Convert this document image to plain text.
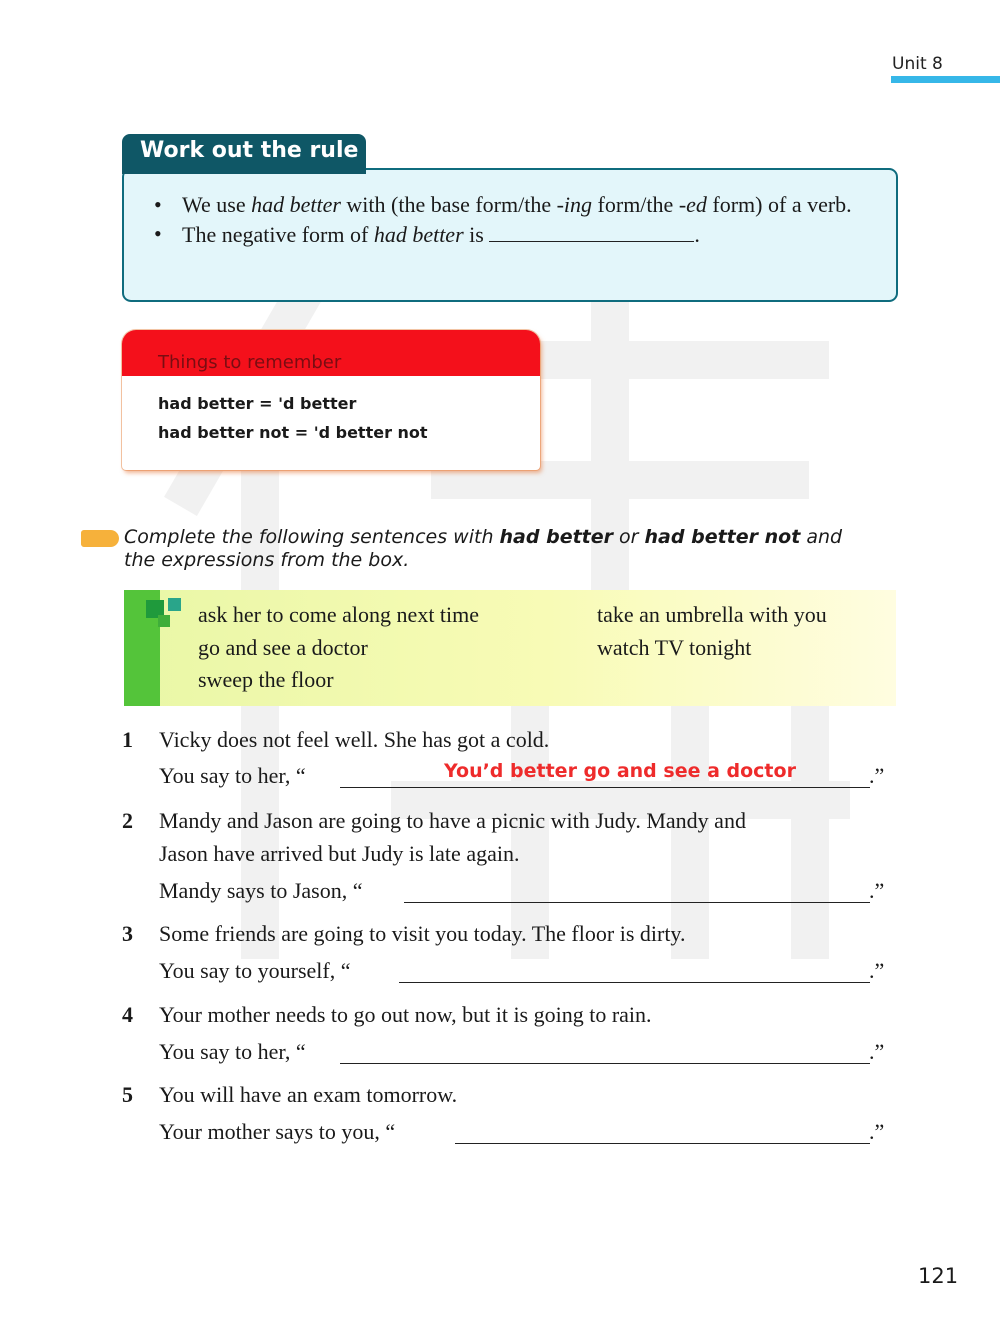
Unit 8
• We use had better with (the base form/the -ing form/the -ed form) of a verb.
• The negative form of had better is	.
Work out the rule
Things to remember
had better = 'd better
had better not = 'd better not
Complete the following sentences with had better or had better not and the expressions from the box.
ask her to come along next time
go and see a doctor
sweep the floor
take an umbrella with you
watch TV tonight
1 Vicky does not feel well. She has got a cold.
You say to her, “	You’d better go and see a doctor	.”
2 Mandy and Jason are going to have a picnic with Judy. Mandy and
Jason have arrived but Judy is late again.
Mandy says to Jason, “	.”
3 Some friends are going to visit you today. The floor is dirty.
You say to yourself, “	.”
4 Your mother needs to go out now, but it is going to rain.
You say to her, “	.”
5 You will have an exam tomorrow.
Your mother says to you, “	.”
121
